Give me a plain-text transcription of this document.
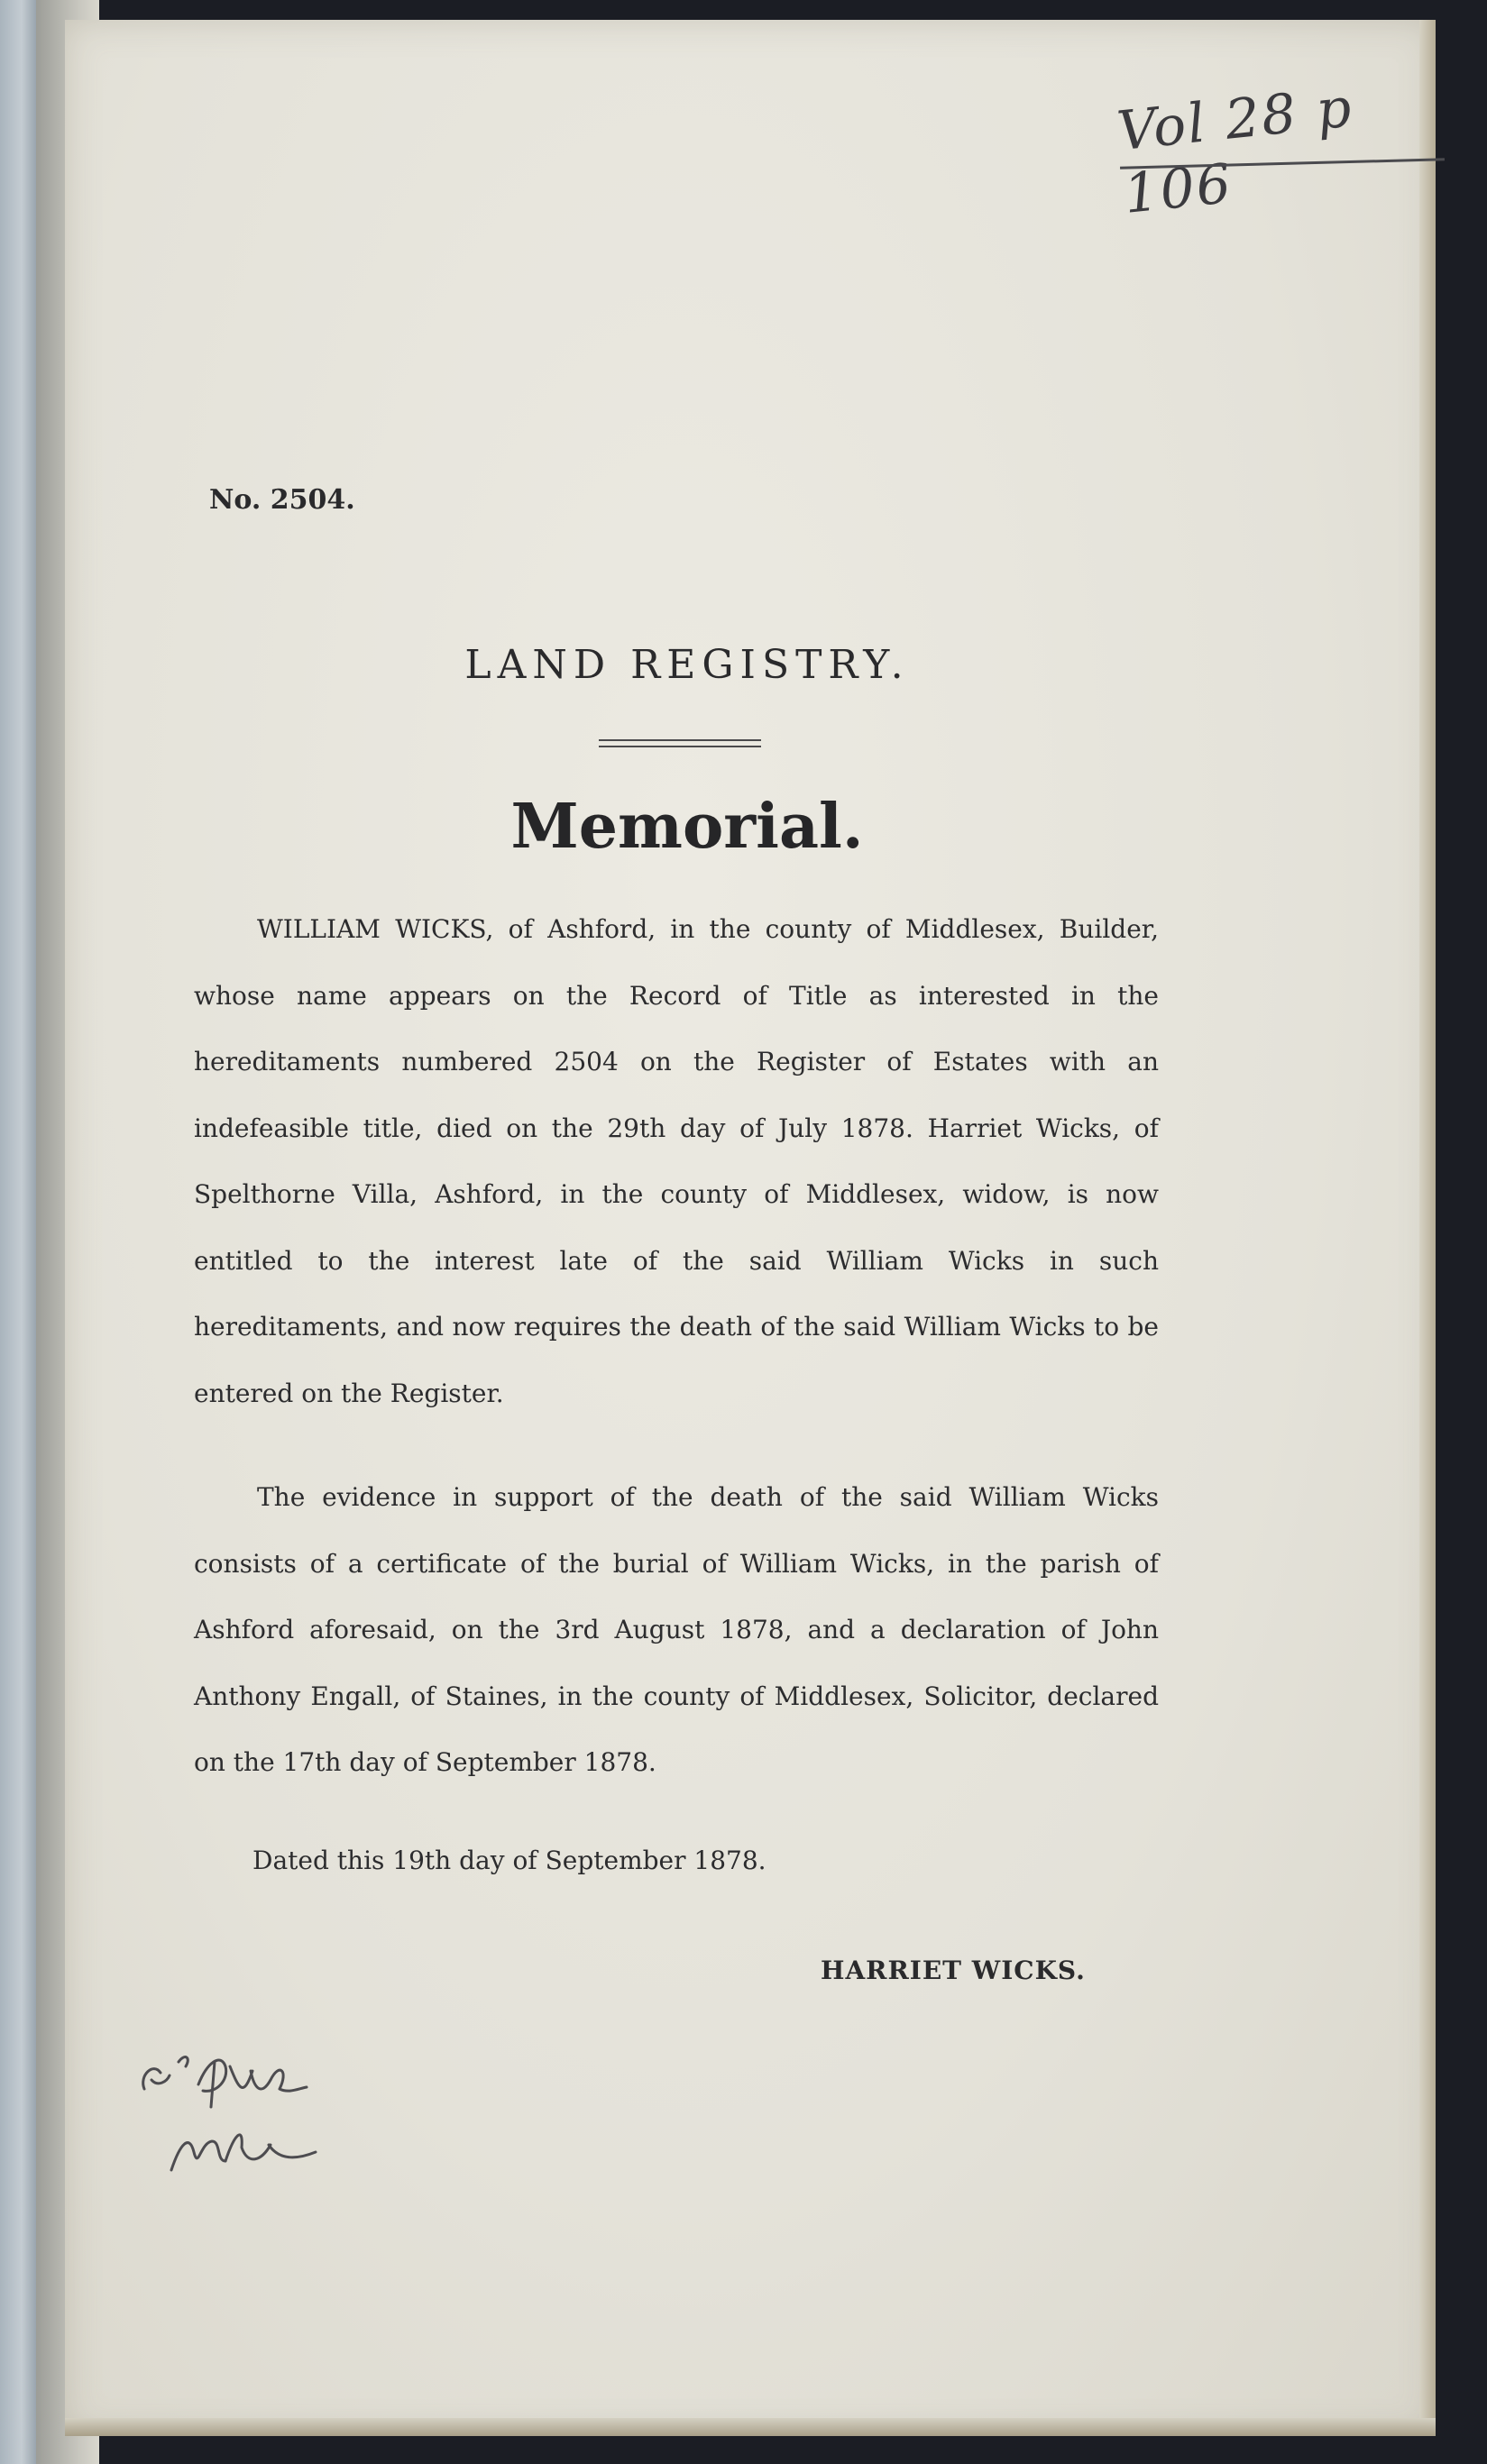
Vol 28 p 106
No. 2504.
LAND REGISTRY.
Memorial.

WILLIAM WICKS, of Ashford, in the county of Middlesex, Builder, whose name appears on the Record of Title as interested in the hereditaments numbered 2504 on the Register of Estates with an indefeasible title, died on the 29th day of July 1878. Harriet Wicks, of Spelthorne Villa, Ashford, in the county of Middlesex, widow, is now entitled to the interest late of the said William Wicks in such hereditaments, and now requires the death of the said William Wicks to be entered on the Register.

The evidence in support of the death of the said William Wicks consists of a certificate of the burial of William Wicks, in the parish of Ashford aforesaid, on the 3rd August 1878, and a declaration of John Anthony Engall, of Staines, in the county of Middlesex, Solicitor, declared on the 17th day of September 1878.

Dated this 19th day of September 1878.

HARRIET WICKS.
